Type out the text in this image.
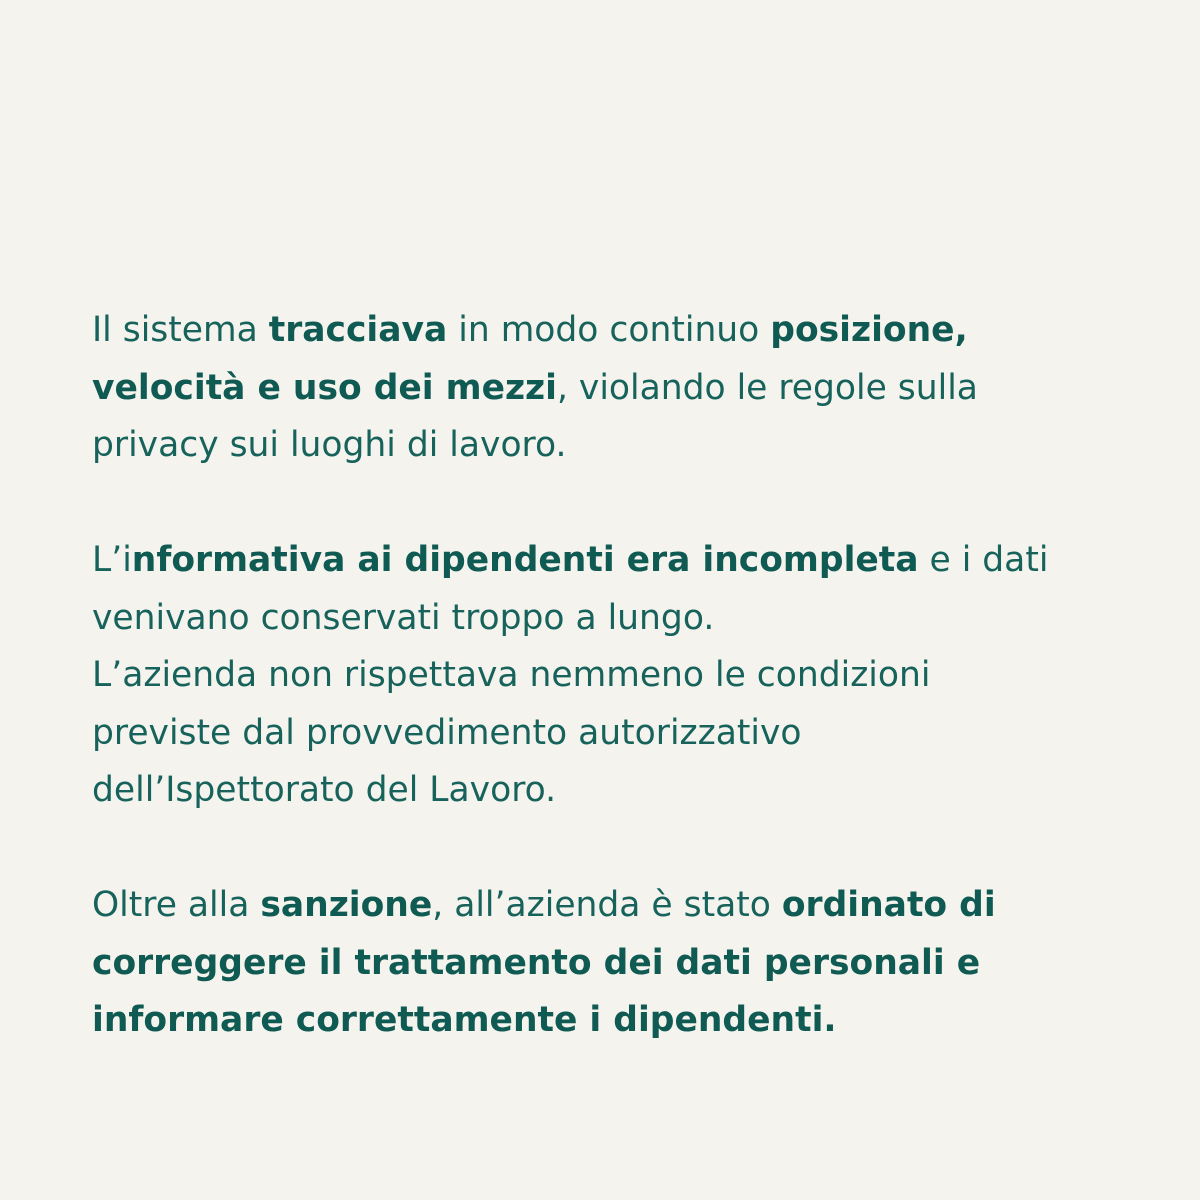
Il sistema tracciava in modo continuo posizione,
velocità e uso dei mezzi, violando le regole sulla
privacy sui luoghi di lavoro.

L’informativa ai dipendenti era incompleta e i dati
venivano conservati troppo a lungo.
L’azienda non rispettava nemmeno le condizioni
previste dal provvedimento autorizzativo
dell’Ispettorato del Lavoro.

Oltre alla sanzione, all’azienda è stato ordinato di
correggere il trattamento dei dati personali e
informare correttamente i dipendenti.
